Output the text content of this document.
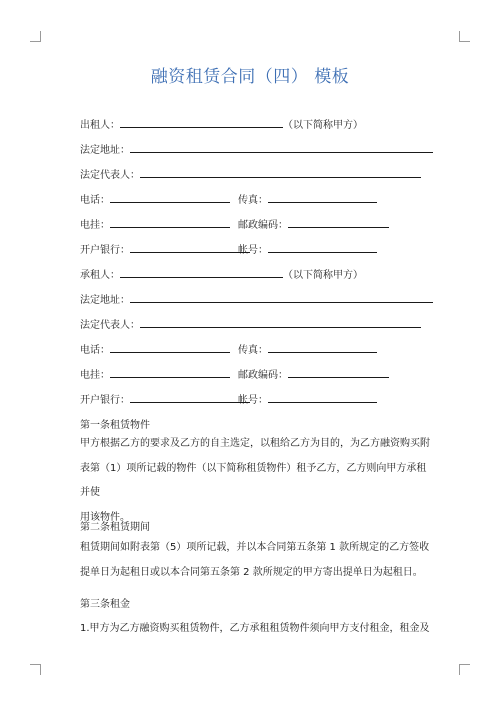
融资租赁合同（四） 模板
出租人：	（以下简称甲方）
法定地址：
法定代表人：
电话：	传真：
电挂：	邮政编码：
开户银行：	帐号：
承租人：	（以下简称甲方）
法定地址：
法定代表人：
电话：	传真：
电挂：	邮政编码：
开户银行：	帐号：
第一条租赁物件
甲方根据乙方的要求及乙方的自主选定，以租给乙方为目的，为乙方融资购买附
表第（1）项所记载的物件（以下简称租赁物件）租予乙方，乙方则向甲方承租并使
用该物件。
第二条租赁期间
租赁期间如附表第（5）项所记载，并以本合同第五条第 1 款所规定的乙方签收
提单日为起租日或以本合同第五条第 2 款所规定的甲方寄出提单日为起租日。
第三条租金
1.甲方为乙方融资购买租赁物件，乙方承租租赁物件须向甲方支付租金，租金及
